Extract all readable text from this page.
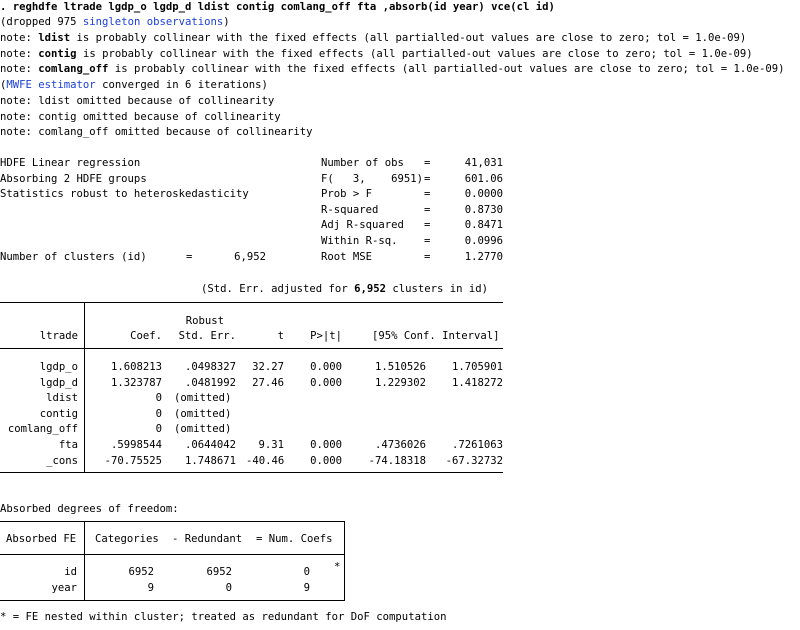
. reghdfe ltrade lgdp_o lgdp_d ldist contig comlang_off fta ,absorb(id year) vce(cl id)
(dropped 975 singleton observations)
note: ldist is probably collinear with the fixed effects (all partialled-out values are close to zero; tol = 1.0e-09)
note: contig is probably collinear with the fixed effects (all partialled-out values are close to zero; tol = 1.0e-09)
note: comlang_off is probably collinear with the fixed effects (all partialled-out values are close to zero; tol = 1.0e-09)
(MWFE estimator converged in 6 iterations)
note: ldist omitted because of collinearity
note: contig omitted because of collinearity
note: comlang_off omitted because of collinearity
HDFE Linear regression
Absorbing 2 HDFE groups
Statistics robust to heteroskedasticity
Number of obs =	41,031
F(   3,    6951) =	601.06
Prob > F	=	0.0000
R-squared	=	0.8730
Adj R-squared =	0.8471
Within R-sq. =	0.0996
Root MSE	=	1.2770
Number of clusters (id)	=	6,952
(Std. Err. adjusted for 6,952 clusters in id)
Robust
ltrade	Coef.	Std. Err.	t	P>|t|	[95% Conf. Interval]
lgdp_o	1.608213	.0498327	32.27	0.000	1.510526	1.705901
lgdp_d	1.323787	.0481992	27.46	0.000	1.229302	1.418272
ldist	0 (omitted)
contig	0 (omitted)
comlang_off	0 (omitted)
fta	.5998544	.0644042	9.31	0.000	.4736026	.7261063
_cons	-70.75525	1.748671 -40.46	0.000	-74.18318	-67.32732
Absorbed degrees of freedom:
Absorbed FE Categories - Redundant = Num. Coefs
id	6952	6952	0 *
year	9	0	9
* = FE nested within cluster; treated as redundant for DoF computation
